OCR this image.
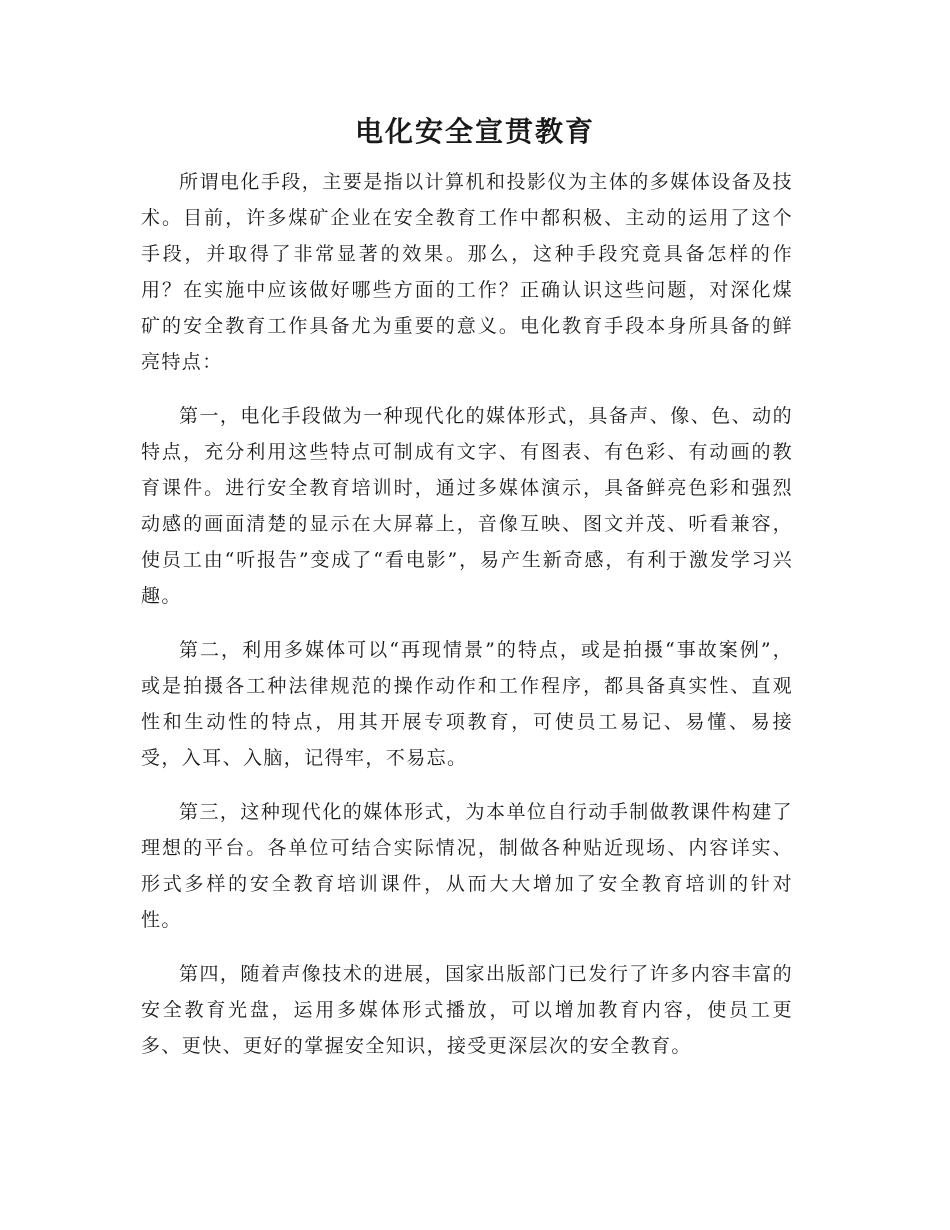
电化安全宣贯教育

所谓电化手段，主要是指以计算机和投影仪为主体的多媒体设备及技术。目前，许多煤矿企业在安全教育工作中都积极、主动的运用了这个手段，并取得了非常显著的效果。那么，这种手段究竟具备怎样的作用？在实施中应该做好哪些方面的工作？正确认识这些问题，对深化煤矿的安全教育工作具备尤为重要的意义。电化教育手段本身所具备的鲜亮特点：

第一，电化手段做为一种现代化的媒体形式，具备声、像、色、动的特点，充分利用这些特点可制成有文字、有图表、有色彩、有动画的教育课件。进行安全教育培训时，通过多媒体演示，具备鲜亮色彩和强烈动感的画面清楚的显示在大屏幕上，音像互映、图文并茂、听看兼容，使员工由“听报告”变成了“看电影”，易产生新奇感，有利于激发学习兴趣。

第二，利用多媒体可以“再现情景”的特点，或是拍摄“事故案例”，或是拍摄各工种法律规范的操作动作和工作程序，都具备真实性、直观性和生动性的特点，用其开展专项教育，可使员工易记、易懂、易接受，入耳、入脑，记得牢，不易忘。

第三，这种现代化的媒体形式，为本单位自行动手制做教课件构建了理想的平台。各单位可结合实际情况，制做各种贴近现场、内容详实、形式多样的安全教育培训课件，从而大大增加了安全教育培训的针对性。

第四，随着声像技术的进展，国家出版部门已发行了许多内容丰富的安全教育光盘，运用多媒体形式播放，可以增加教育内容，使员工更多、更快、更好的掌握安全知识，接受更深层次的安全教育。
